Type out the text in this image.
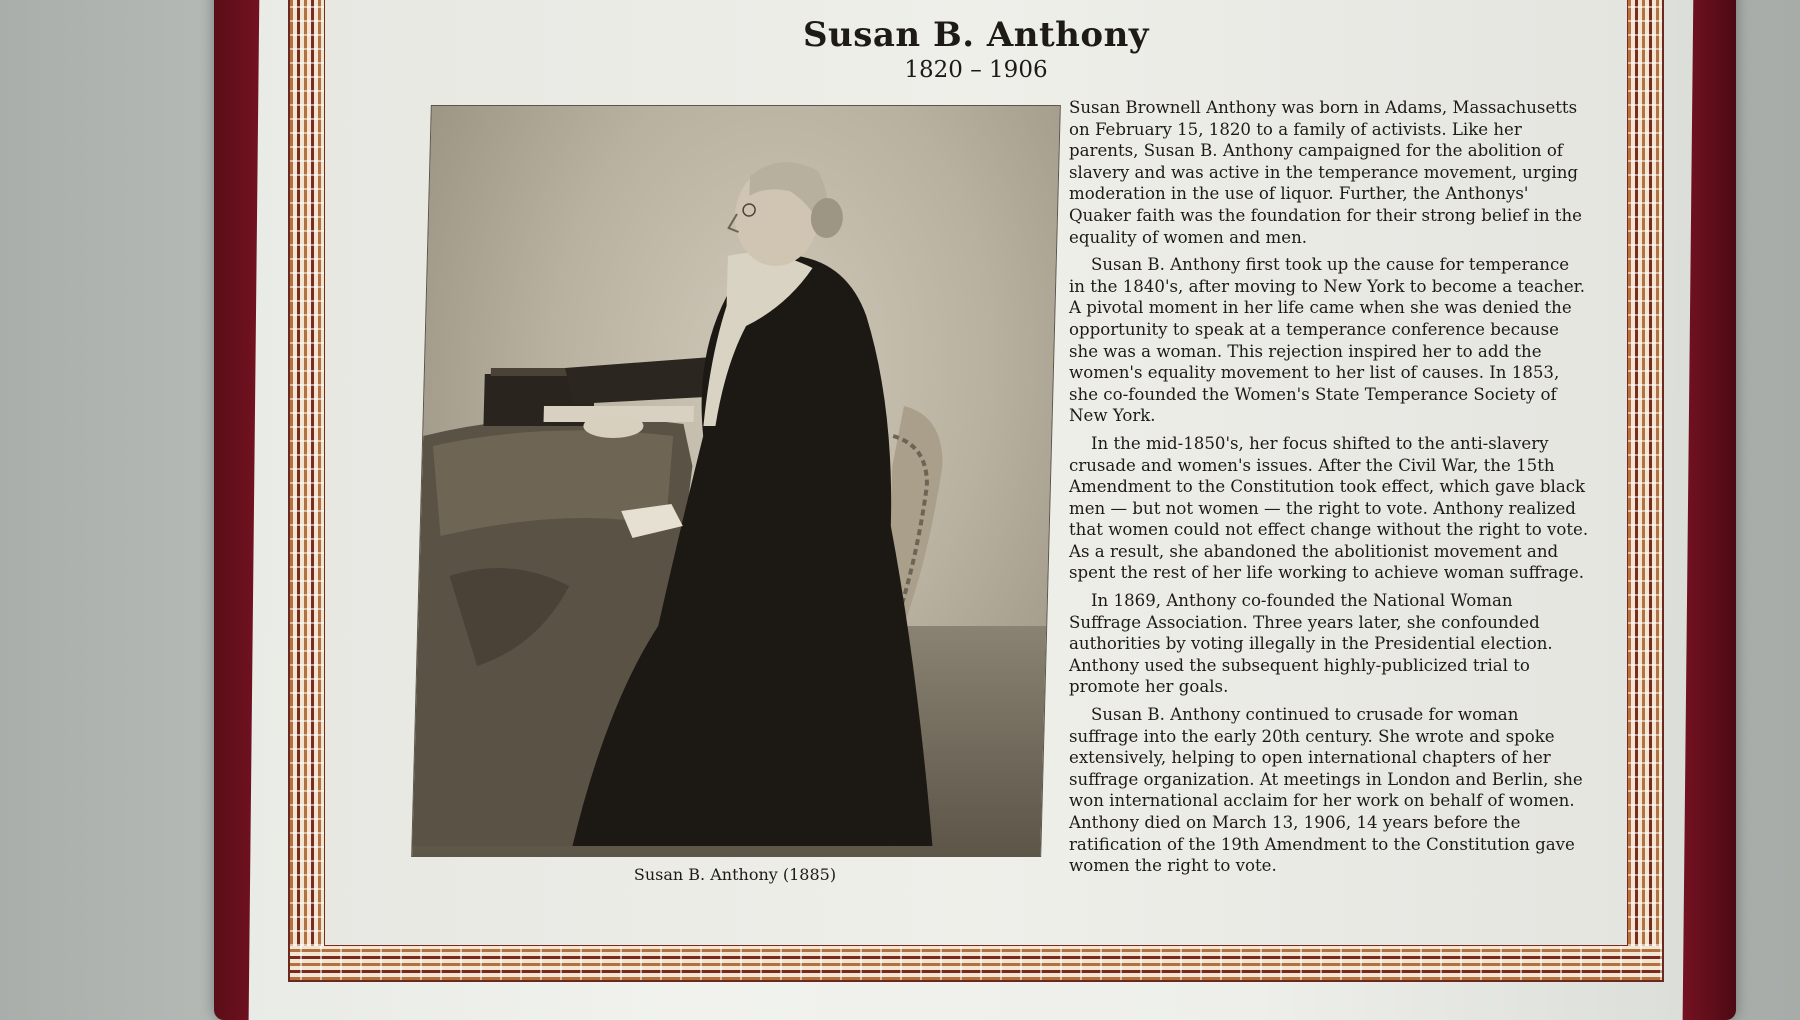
Susan B. Anthony
1820 – 1906
Susan B. Anthony (1885)

Susan Brownell Anthony was born in Adams, Massachusetts on February 15, 1820 to a family of activists. Like her parents, Susan B. Anthony campaigned for the abolition of slavery and was active in the temperance movement, urging moderation in the use of liquor. Further, the Anthonys' Quaker faith was the foundation for their strong belief in the equality of women and men.

Susan B. Anthony first took up the cause for temperance in the 1840's, after moving to New York to become a teacher. A pivotal moment in her life came when she was denied the opportunity to speak at a temperance conference because she was a woman. This rejection inspired her to add the women's equality movement to her list of causes. In 1853, she co-founded the Women's State Temperance Society of New York.

In the mid-1850's, her focus shifted to the anti-slavery crusade and women's issues. After the Civil War, the 15th Amendment to the Constitution took effect, which gave black men — but not women — the right to vote. Anthony realized that women could not effect change without the right to vote. As a result, she abandoned the abolitionist movement and spent the rest of her life working to achieve woman suffrage.

In 1869, Anthony co-founded the National Woman Suffrage Association. Three years later, she confounded authorities by voting illegally in the Presidential election. Anthony used the subsequent highly-publicized trial to promote her goals.

Susan B. Anthony continued to crusade for woman suffrage into the early 20th century. She wrote and spoke extensively, helping to open international chapters of her suffrage organization. At meetings in London and Berlin, she won international acclaim for her work on behalf of women. Anthony died on March 13, 1906, 14 years before the ratification of the 19th Amendment to the Constitution gave women the right to vote.
